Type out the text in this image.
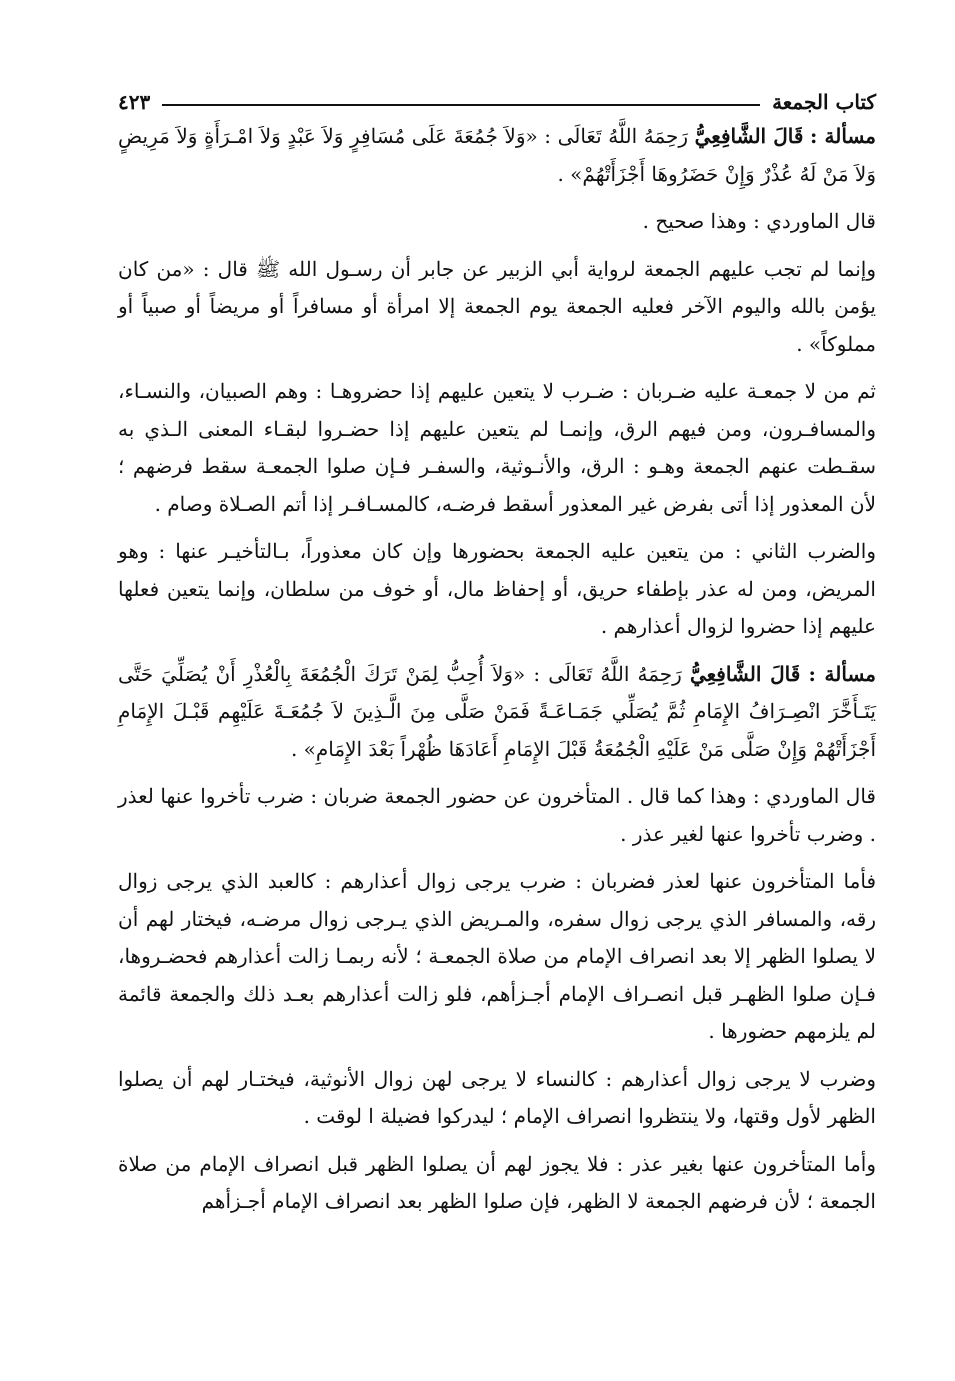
كتاب الجمعة
٤٢٣

مسألة : قَالَ الشَّافِعِيُّ رَحِمَهُ اللَّهُ تَعَالَى : «وَلاَ جُمُعَةَ عَلَى مُسَافِرٍ وَلاَ عَبْدٍ وَلاَ امْـرَأَةٍ وَلاَ مَرِيضٍ وَلاَ مَنْ لَهُ عُذْرٌ وَإِنْ حَضَرُوهَا أَجْزَأَتْهُمْ» .

قال الماوردي : وهذا صحيح .

وإنما لم تجب عليهم الجمعة لرواية أبي الزبير عن جابر أن رسـول الله ﷺ قال : «من كان يؤمن بالله واليوم الآخر فعليه الجمعة يوم الجمعة إلا امرأة أو مسافراً أو مريضاً أو صبياً أو مملوكاً» .

ثم من لا جمعـة عليه ضـربان : ضـرب لا يتعين عليهم إذا حضروهـا : وهم الصبيان، والنسـاء، والمسافـرون، ومن فيهم الرق، وإنمـا لم يتعين عليهم إذا حضـروا لبقـاء المعنى الـذي به سقـطت عنهم الجمعة وهـو : الرق، والأنـوثية، والسفـر فـإن صلوا الجمعـة سقط فرضهم ؛ لأن المعذور إذا أتى بفرض غير المعذور أسقط فرضـه، كالمسـافـر إذا أتم الصـلاة وصام .

والضرب الثاني : من يتعين عليه الجمعة بحضورها وإن كان معذوراً، بـالتأخيـر عنها : وهو المريض، ومن له عذر بإطفاء حريق، أو إحفاظ مال، أو خوف من سلطان، وإنما يتعين فعلها عليهم إذا حضروا لزوال أعذارهم .

مسألة : قَالَ الشَّافِعِيُّ رَحِمَهُ اللَّهُ تَعَالَى : «وَلاَ أُحِبُّ لِمَنْ تَرَكَ الْجُمُعَةَ بِالْعُذْرِ أَنْ يُصَلِّيَ حَتَّى يَتَـأَخَّرَ انْصِـرَافُ الإِمَامِ ثُمَّ يُصَلِّي جَمَـاعَـةً فَمَنْ صَلَّى مِنَ الَّـذِينَ لاَ جُمُعَـةَ عَلَيْهِم قَبْـلَ الإِمَامِ أَجْزَأَتْهُمْ وَإِنْ صَلَّى مَنْ عَلَيْهِ الْجُمُعَةُ قَبْلَ الإِمَامِ أَعَادَهَا ظُهْراً بَعْدَ الإِمَامِ» .

قال الماوردي : وهذا كما قال . المتأخرون عن حضور الجمعة ضربان : ضرب تأخروا عنها لعذر . وضرب تأخروا عنها لغير عذر .

فأما المتأخرون عنها لعذر فضربان : ضرب يرجى زوال أعذارهم : كالعبد الذي يرجى زوال رقه، والمسافر الذي يرجى زوال سفره، والمـريض الذي يـرجى زوال مرضـه، فيختار لهم أن لا يصلوا الظهر إلا بعد انصراف الإمام من صلاة الجمعـة ؛ لأنه ربمـا زالت أعذارهم فحضـروها، فـإن صلوا الظهـر قبل انصـراف الإمام أجـزأهم، فلو زالت أعذارهم بعـد ذلك والجمعة قائمة لم يلزمهم حضورها .

وضرب لا يرجى زوال أعذارهم : كالنساء لا يرجى لهن زوال الأنوثية، فيختـار لهم أن يصلوا الظهر لأول وقتها، ولا ينتظروا انصراف الإمام ؛ ليدركوا فضيلة ا لوقت .

وأما المتأخرون عنها بغير عذر : فلا يجوز لهم أن يصلوا الظهر قبل انصراف الإمام من صلاة الجمعة ؛ لأن فرضهم الجمعة لا الظهر، فإن صلوا الظهر بعد انصراف الإمام أجـزأهم
